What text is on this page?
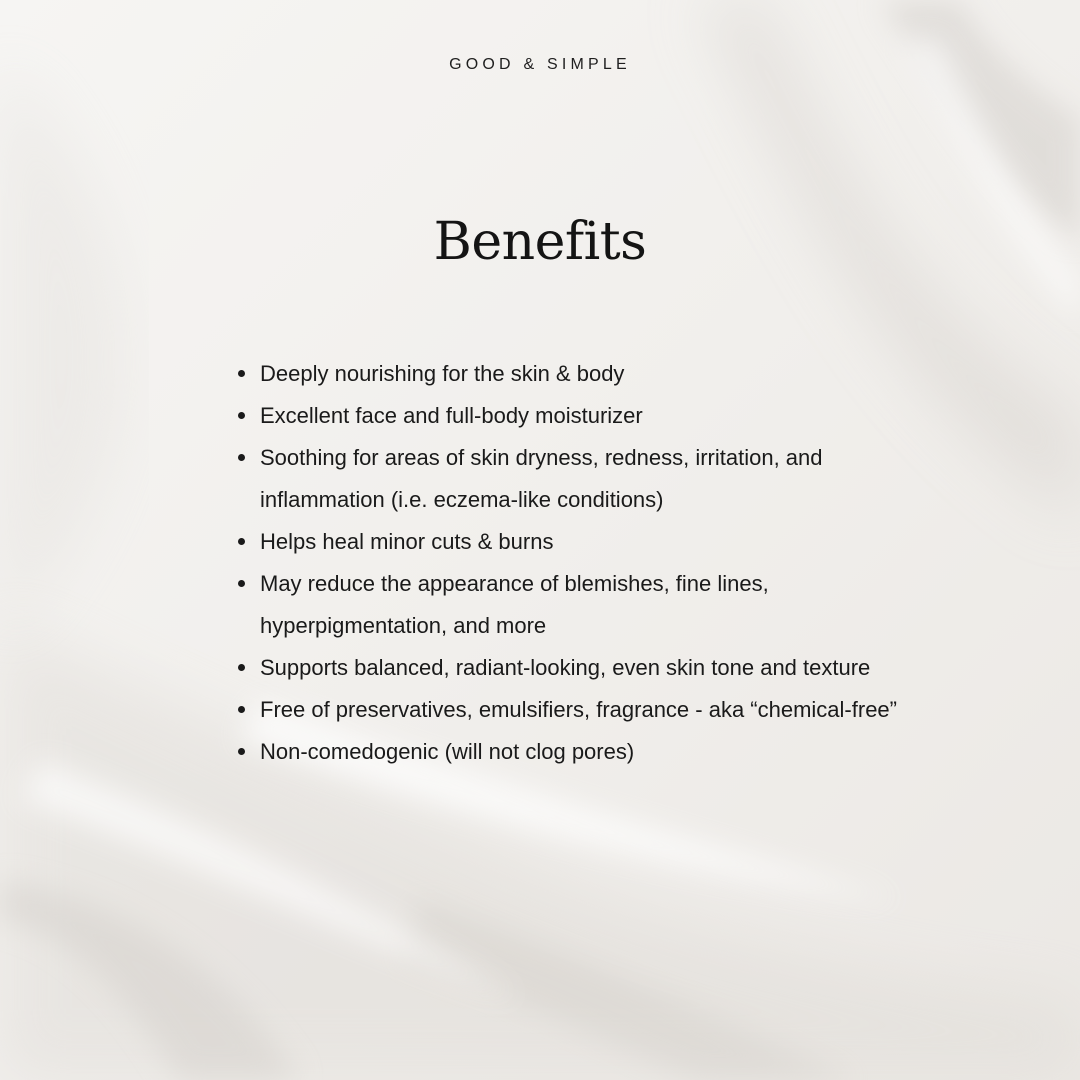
GOOD & SIMPLE

Benefits
Deeply nourishing for the skin & body
Excellent face and full-body moisturizer
Soothing for areas of skin dryness, redness, irritation, and inflammation (i.e. eczema-like conditions)
Helps heal minor cuts & burns
May reduce the appearance of blemishes, fine lines, hyperpigmentation, and more
Supports balanced, radiant-looking, even skin tone and texture
Free of preservatives, emulsifiers, fragrance - aka “chemical-free”
Non-comedogenic (will not clog pores)
